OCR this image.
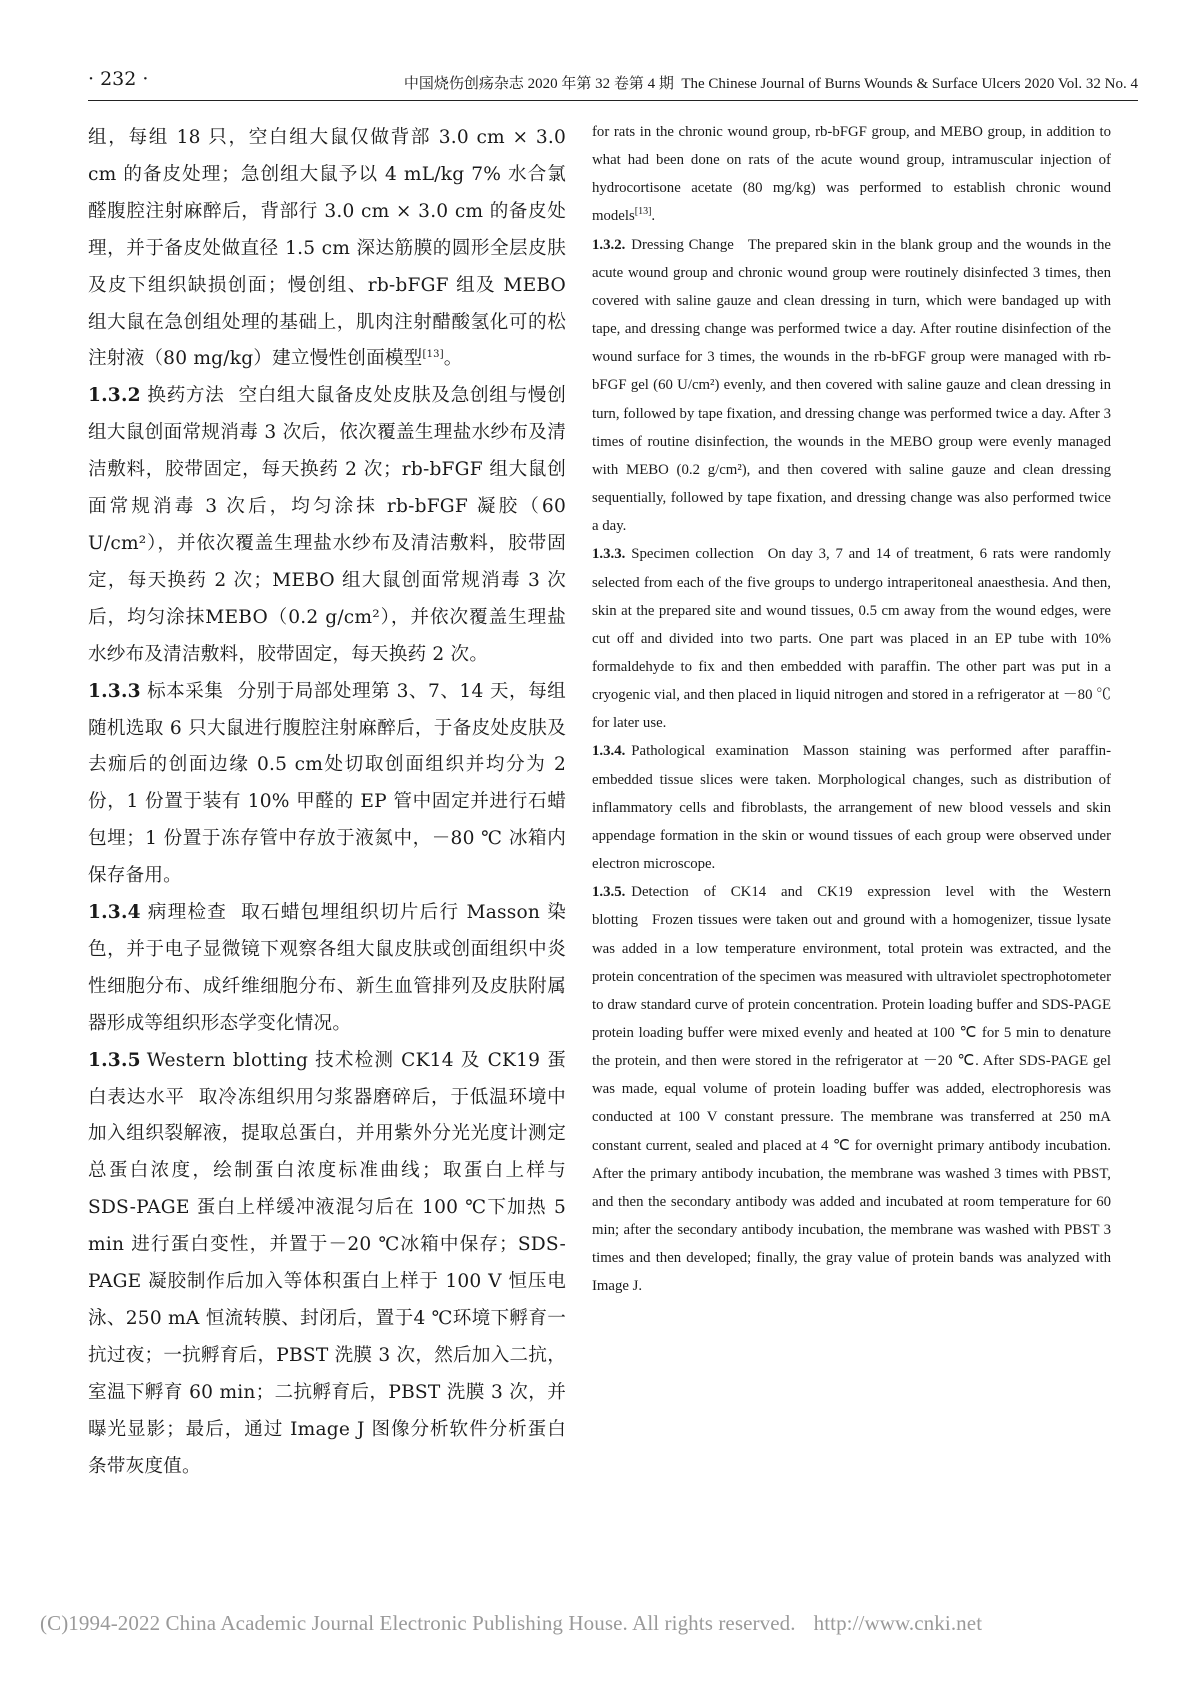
· 232 ·	中国烧伤创疡杂志 2020 年第 32 卷第 4 期 The Chinese Journal of Burns Wounds & Surface Ulcers 2020 Vol. 32 No. 4

组，每组 18 只，空白组大鼠仅做背部 3.0 cm × 3.0 cm 的备皮处理；急创组大鼠予以 4 mL/kg 7% 水合氯醛腹腔注射麻醉后，背部行 3.0 cm × 3.0 cm 的备皮处理，并于备皮处做直径 1.5 cm 深达筋膜的圆形全层皮肤及皮下组织缺损创面；慢创组、rb-bFGF 组及 MEBO 组大鼠在急创组处理的基础上，肌肉注射醋酸氢化可的松注射液（80 mg/kg）建立慢性创面模型[13]。

1.3.2 换药方法 空白组大鼠备皮处皮肤及急创组与慢创组大鼠创面常规消毒 3 次后，依次覆盖生理盐水纱布及清洁敷料，胶带固定，每天换药 2 次；rb-bFGF 组大鼠创面常规消毒 3 次后，均匀涂抹 rb-bFGF 凝胶（60 U/cm²），并依次覆盖生理盐水纱布及清洁敷料，胶带固定，每天换药 2 次；MEBO 组大鼠创面常规消毒 3 次后，均匀涂抹MEBO（0.2 g/cm²），并依次覆盖生理盐水纱布及清洁敷料，胶带固定，每天换药 2 次。

1.3.3 标本采集 分别于局部处理第 3、7、14 天，每组随机选取 6 只大鼠进行腹腔注射麻醉后，于备皮处皮肤及去痂后的创面边缘 0.5 cm处切取创面组织并均分为 2 份，1 份置于装有 10% 甲醛的 EP 管中固定并进行石蜡包埋；1 份置于冻存管中存放于液氮中，－80 ℃ 冰箱内保存备用。

1.3.4 病理检查 取石蜡包埋组织切片后行 Masson 染色，并于电子显微镜下观察各组大鼠皮肤或创面组织中炎性细胞分布、成纤维细胞分布、新生血管排列及皮肤附属器形成等组织形态学变化情况。

1.3.5 Western blotting 技术检测 CK14 及 CK19 蛋白表达水平 取冷冻组织用匀浆器磨碎后，于低温环境中加入组织裂解液，提取总蛋白，并用紫外分光光度计测定总蛋白浓度，绘制蛋白浓度标准曲线；取蛋白上样与 SDS-PAGE 蛋白上样缓冲液混匀后在 100 ℃下加热 5 min 进行蛋白变性，并置于－20 ℃冰箱中保存；SDS-PAGE 凝胶制作后加入等体积蛋白上样于 100 V 恒压电泳、250 mA 恒流转膜、封闭后，置于4 ℃环境下孵育一抗过夜；一抗孵育后，PBST 洗膜 3 次，然后加入二抗，室温下孵育 60 min；二抗孵育后，PBST 洗膜 3 次，并曝光显影；最后，通过 Image J 图像分析软件分析蛋白条带灰度值。

for rats in the chronic wound group, rb-bFGF group, and MEBO group, in addition to what had been done on rats of the acute wound group, intramuscular injection of hydrocortisone acetate (80 mg/kg) was performed to establish chronic wound models[13].

1.3.2. Dressing Change The prepared skin in the blank group and the wounds in the acute wound group and chronic wound group were routinely disinfected 3 times, then covered with saline gauze and clean dressing in turn, which were bandaged up with tape, and dressing change was performed twice a day. After routine disinfection of the wound surface for 3 times, the wounds in the rb-bFGF group were managed with rb-bFGF gel (60 U/cm²) evenly, and then covered with saline gauze and clean dressing in turn, followed by tape fixation, and dressing change was performed twice a day. After 3 times of routine disinfection, the wounds in the MEBO group were evenly managed with MEBO (0.2 g/cm²), and then covered with saline gauze and clean dressing sequentially, followed by tape fixation, and dressing change was also performed twice a day.

1.3.3. Specimen collection On day 3, 7 and 14 of treatment, 6 rats were randomly selected from each of the five groups to undergo intraperitoneal anaesthesia. And then, skin at the prepared site and wound tissues, 0.5 cm away from the wound edges, were cut off and divided into two parts. One part was placed in an EP tube with 10% formaldehyde to fix and then embedded with paraffin. The other part was put in a cryogenic vial, and then placed in liquid nitrogen and stored in a refrigerator at －80 ℃ for later use.

1.3.4. Pathological examination Masson staining was performed after paraffin-embedded tissue slices were taken. Morphological changes, such as distribution of inflammatory cells and fibroblasts, the arrangement of new blood vessels and skin appendage formation in the skin or wound tissues of each group were observed under electron microscope.

1.3.5. Detection of CK14 and CK19 expression level with the Western blotting Frozen tissues were taken out and ground with a homogenizer, tissue lysate was added in a low temperature environment, total protein was extracted, and the protein concentration of the specimen was measured with ultraviolet spectrophotometer to draw standard curve of protein concentration. Protein loading buffer and SDS-PAGE protein loading buffer were mixed evenly and heated at 100 ℃ for 5 min to denature the protein, and then were stored in the refrigerator at －20 ℃. After SDS-PAGE gel was made, equal volume of protein loading buffer was added, electrophoresis was conducted at 100 V constant pressure. The membrane was transferred at 250 mA constant current, sealed and placed at 4 ℃ for overnight primary antibody incubation. After the primary antibody incubation, the membrane was washed 3 times with PBST, and then the secondary antibody was added and incubated at room temperature for 60 min; after the secondary antibody incubation, the membrane was washed with PBST 3 times and then developed; finally, the gray value of protein bands was analyzed with Image J.

(C)1994-2022 China Academic Journal Electronic Publishing House. All rights reserved. http://www.cnki.net
